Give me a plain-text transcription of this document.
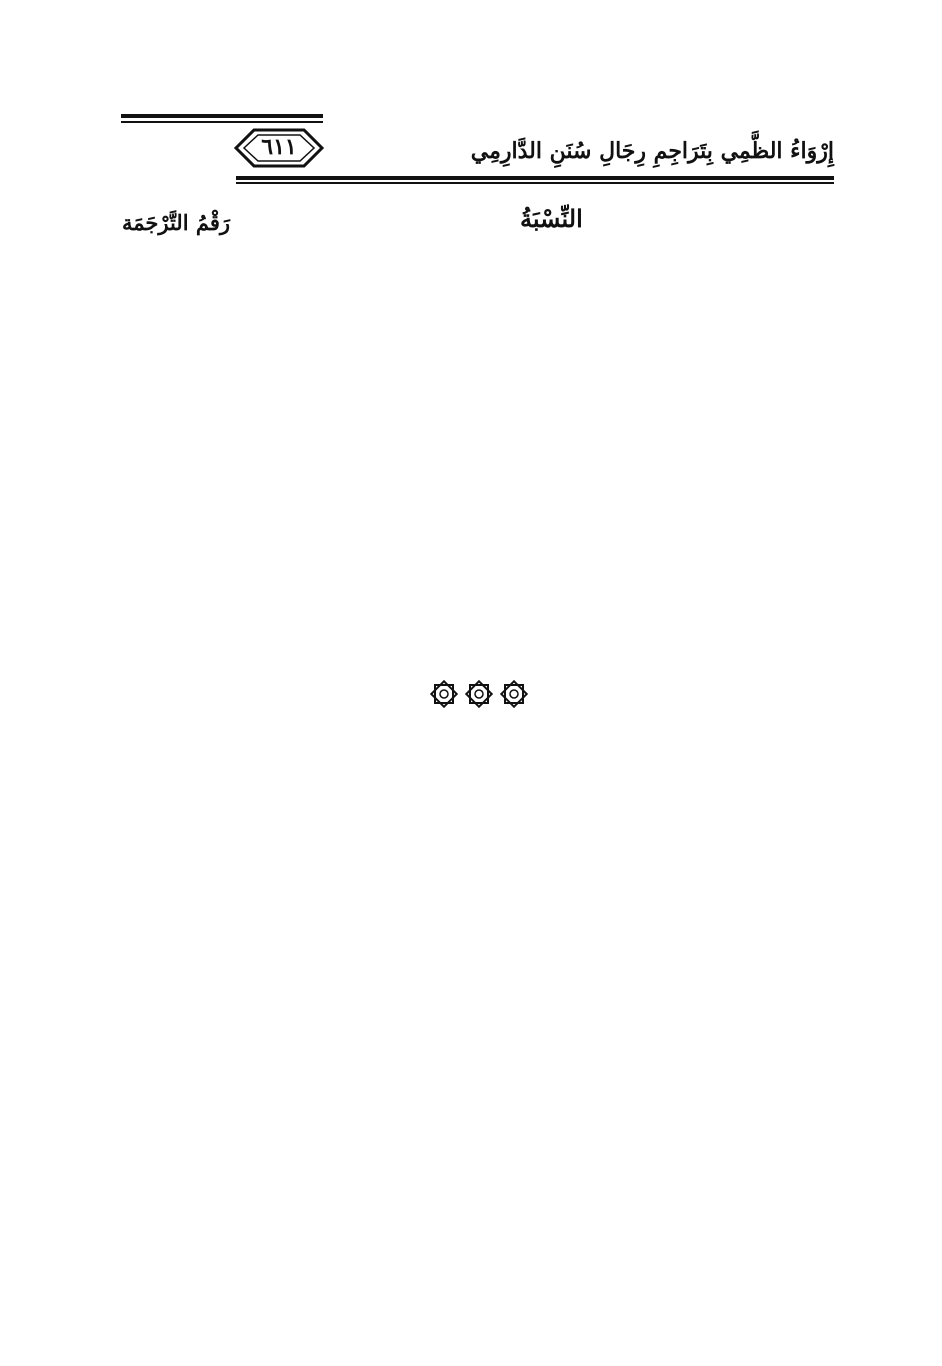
٦١١	إِرْوَاءُ الظَّمِي بِتَرَاجِمِ رِجَالِ سُنَنِ الدَّارِمِي
النِّسْبَةُ
رَقْمُ التَّرْجَمَة
